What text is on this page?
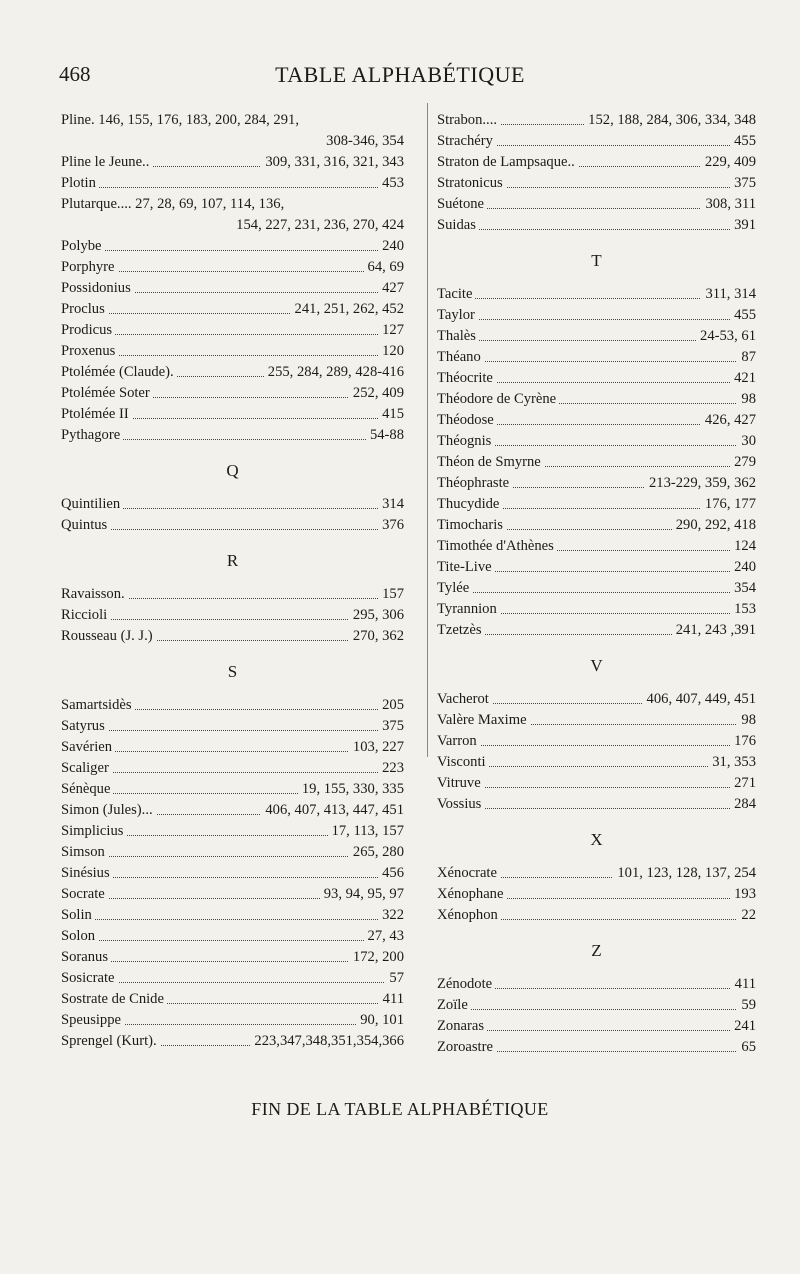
468	TABLE ALPHABÉTIQUE
Pline. 146, 155, 176, 183, 200, 284, 291,
308-346, 354
Pline le Jeune..	309, 331, 316, 321, 343
Plotin	453
Plutarque.... 27, 28, 69, 107, 114, 136,
154, 227, 231, 236, 270, 424
Polybe	240
Porphyre	64, 69
Possidonius	427
Proclus	241, 251, 262, 452
Prodicus	127
Proxenus	120
Ptolémée (Claude).	255, 284, 289, 428-416
Ptolémée Soter	252, 409
Ptolémée II	415
Pythagore	54-88
Q
Quintilien	314
Quintus	376
R
Ravaisson.	157
Riccioli	295, 306
Rousseau (J. J.)	270, 362
S
Samartsidès	205
Satyrus	375
Savérien	103, 227
Scaliger	223
Sénèque	19, 155, 330, 335
Simon (Jules)...	406, 407, 413, 447, 451
Simplicius	17, 113, 157
Simson	265, 280
Sinésius	456
Socrate	93, 94, 95, 97
Solin	322
Solon	27, 43
Soranus	172, 200
Sosicrate	57
Sostrate de Cnide	411
Speusippe	90, 101
Sprengel (Kurt).	223,347,348,351,354,366
Strabon....	152, 188, 284, 306, 334, 348
Strachéry	455
Straton de Lampsaque..	229, 409
Stratonicus	375
Suétone	308, 311
Suidas	391
T
Tacite	311, 314
Taylor	455
Thalès	24-53, 61
Théano	87
Théocrite	421
Théodore de Cyrène	98
Théodose	426, 427
Théognis	30
Théon de Smyrne	279
Théophraste	213-229, 359, 362
Thucydide	176, 177
Timocharis	290, 292, 418
Timothée d'Athènes	124
Tite-Live	240
Tylée	354
Tyrannion	153
Tzetzès	241, 243 ,391
V
Vacherot	406, 407, 449, 451
Valère Maxime	98
Varron	176
Visconti	31, 353
Vitruve	271
Vossius	284
X
Xénocrate	101, 123, 128, 137, 254
Xénophane	193
Xénophon	22
Z
Zénodote	411
Zoïle	59
Zonaras	241
Zoroastre	65
FIN DE LA TABLE ALPHABÉTIQUE
